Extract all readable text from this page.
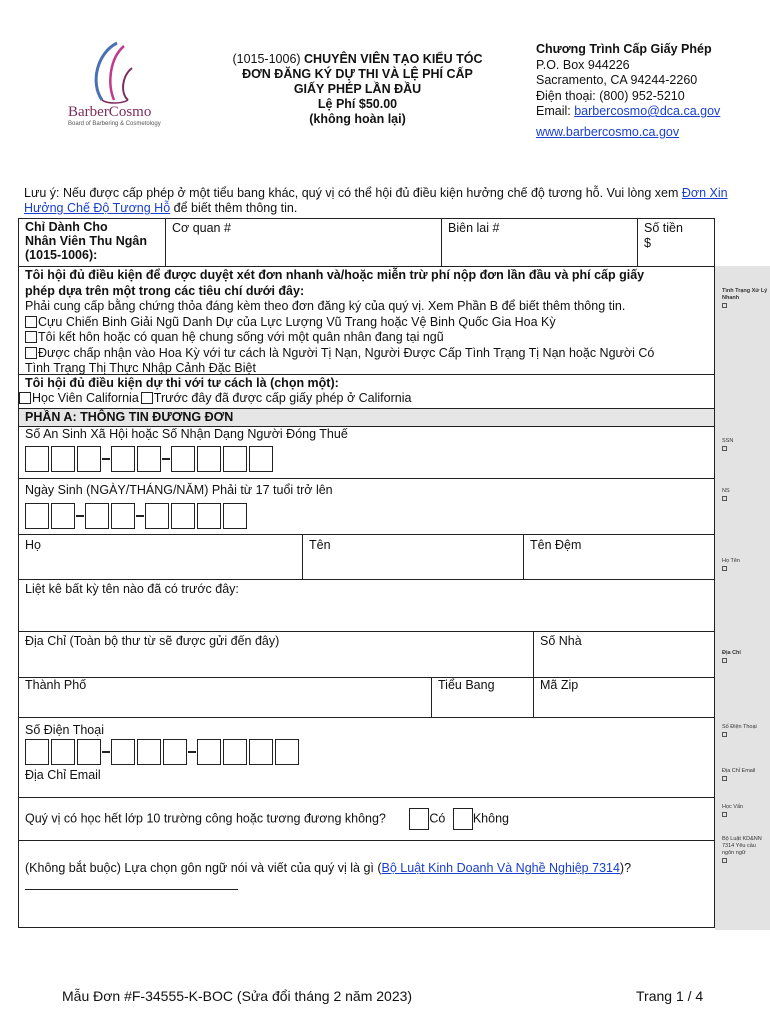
BarberCosmo
Board of Barbering & Cosmetology
(1015-1006) CHUYÊN VIÊN TẠO KIỂU TÓC
ĐƠN ĐĂNG KÝ DỰ THI VÀ LỆ PHÍ CẤP
GIẤY PHÉP LẦN ĐẦU
Lệ Phí $50.00
(không hoàn lại)
Chương Trình Cấp Giấy Phép
P.O. Box 944226
Sacramento, CA 94244-2260
Điện thoại: (800) 952-5210
Email: barbercosmo@dca.ca.gov
www.barbercosmo.ca.gov
Lưu ý: Nếu được cấp phép ở một tiểu bang khác, quý vị có thể hội đủ điều kiện hưởng chế độ tương hỗ. Vui lòng xem Đơn Xin Hưởng Chế Độ Tương Hỗ để biết thêm thông tin.
Tình Trạng Xử Lý Nhanh

SSN

NS

Họ Tên

Địa Chỉ

Số Điện Thoại

Địa Chỉ Email

Học Vấn

Bộ Luật KD&NN 7314 Yêu cầu ngôn ngữ

Chỉ Dành Cho
Nhân Viên Thu Ngân
(1015-1006):
Cơ quan #	Biên lai #	Số tiền
$
Tôi hội đủ điều kiện để được duyệt xét đơn nhanh và/hoặc miễn trừ phí nộp đơn lần đầu và phí cấp giấy
phép dựa trên một trong các tiêu chí dưới đây:
Phải cung cấp bằng chứng thỏa đáng kèm theo đơn đăng ký của quý vị. Xem Phần B để biết thêm thông tin.
Cựu Chiến Binh Giải Ngũ Danh Dự của Lực Lượng Vũ Trang hoặc Vệ Binh Quốc Gia Hoa Kỳ
Tôi kết hôn hoặc có quan hệ chung sống với một quân nhân đang tại ngũ
Được chấp nhận vào Hoa Kỳ với tư cách là Người Tị Nạn, Người Được Cấp Tình Trạng Tị Nạn hoặc Người Có
Tình Trạng Thị Thực Nhập Cảnh Đặc Biệt
Tôi hội đủ điều kiện dự thi với tư cách là (chọn một):
Học Viên California Trước đây đã được cấp giấy phép ở California
PHẦN A: THÔNG TIN ĐƯƠNG ĐƠN
Số An Sinh Xã Hội hoặc Số Nhận Dạng Người Đóng Thuế
Ngày Sinh (NGÀY/THÁNG/NĂM) Phải từ 17 tuổi trở lên
Họ	Tên	Tên Đệm
Liệt kê bất kỳ tên nào đã có trước đây:
Địa Chỉ (Toàn bộ thư từ sẽ được gửi đến đây)	Số Nhà
Thành Phố	Tiểu Bang	Mã Zip
Số Điện Thoại
Địa Chỉ Email
Quý vị có học hết lớp 10 trường công hoặc tương đương không?	Có Không
(Không bắt buộc) Lựa chọn gôn ngữ nói và viết của quý vị là gì (Bộ Luật Kinh Doanh Và Nghề Nghiệp 7314)?
Mẫu Đơn #F-34555-K-BOC (Sửa đổi tháng 2 năm 2023)	Trang 1 / 4
